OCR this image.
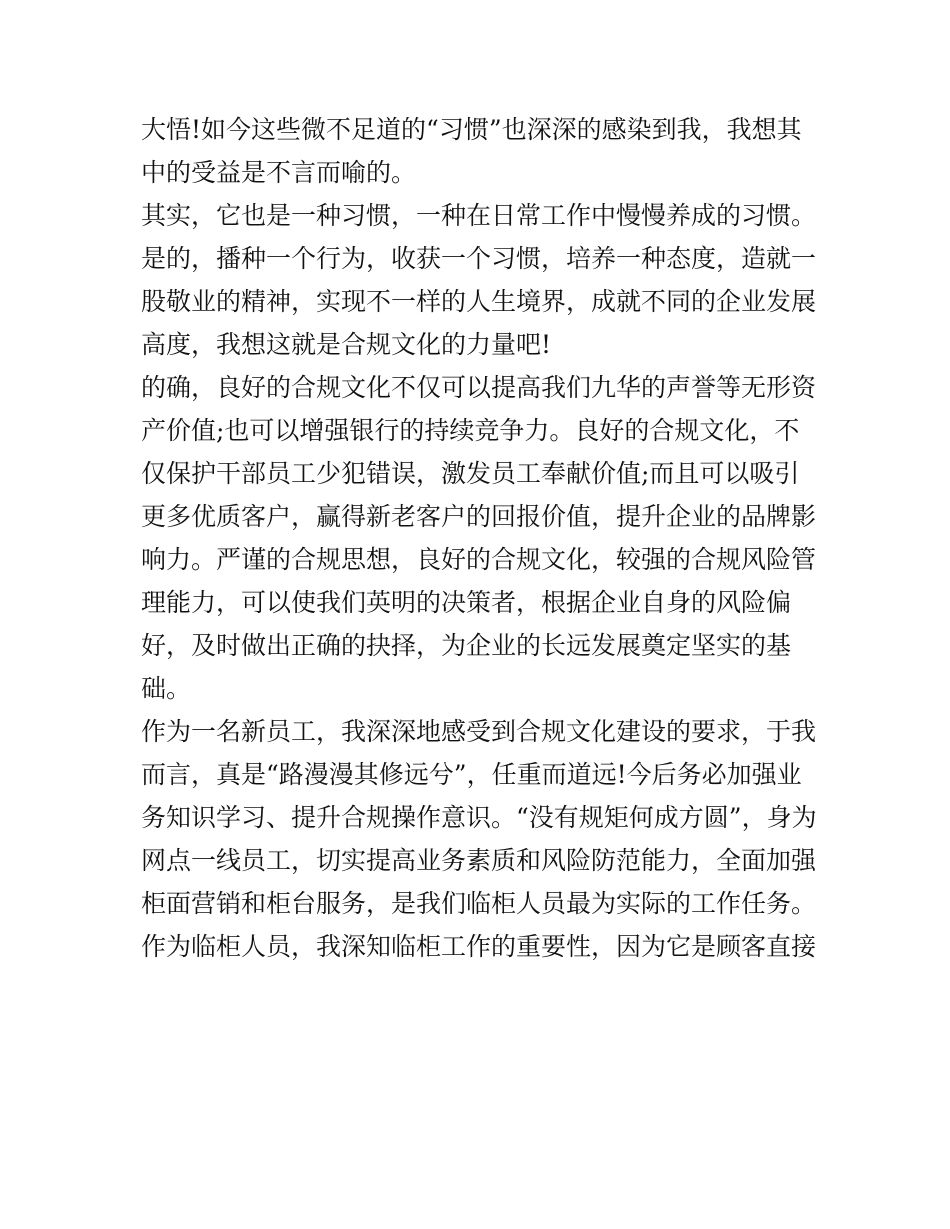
大悟!如今这些微不足道的“习惯”也深深的感染到我，我想其
中的受益是不言而喻的。
其实，它也是一种习惯，一种在日常工作中慢慢养成的习惯。
是的，播种一个行为，收获一个习惯，培养一种态度，造就一
股敬业的精神，实现不一样的人生境界，成就不同的企业发展
高度，我想这就是合规文化的力量吧!
的确，良好的合规文化不仅可以提高我们九华的声誉等无形资
产价值;也可以增强银行的持续竞争力。良好的合规文化，不
仅保护干部员工少犯错误，激发员工奉献价值;而且可以吸引
更多优质客户，赢得新老客户的回报价值，提升企业的品牌影
响力。严谨的合规思想，良好的合规文化，较强的合规风险管
理能力，可以使我们英明的决策者，根据企业自身的风险偏
好，及时做出正确的抉择，为企业的长远发展奠定坚实的基
础。
作为一名新员工，我深深地感受到合规文化建设的要求，于我
而言，真是“路漫漫其修远兮”，任重而道远!今后务必加强业
务知识学习、提升合规操作意识。“没有规矩何成方圆”，身为
网点一线员工，切实提高业务素质和风险防范能力，全面加强
柜面营销和柜台服务，是我们临柜人员最为实际的工作任务。
作为临柜人员，我深知临柜工作的重要性，因为它是顾客直接
